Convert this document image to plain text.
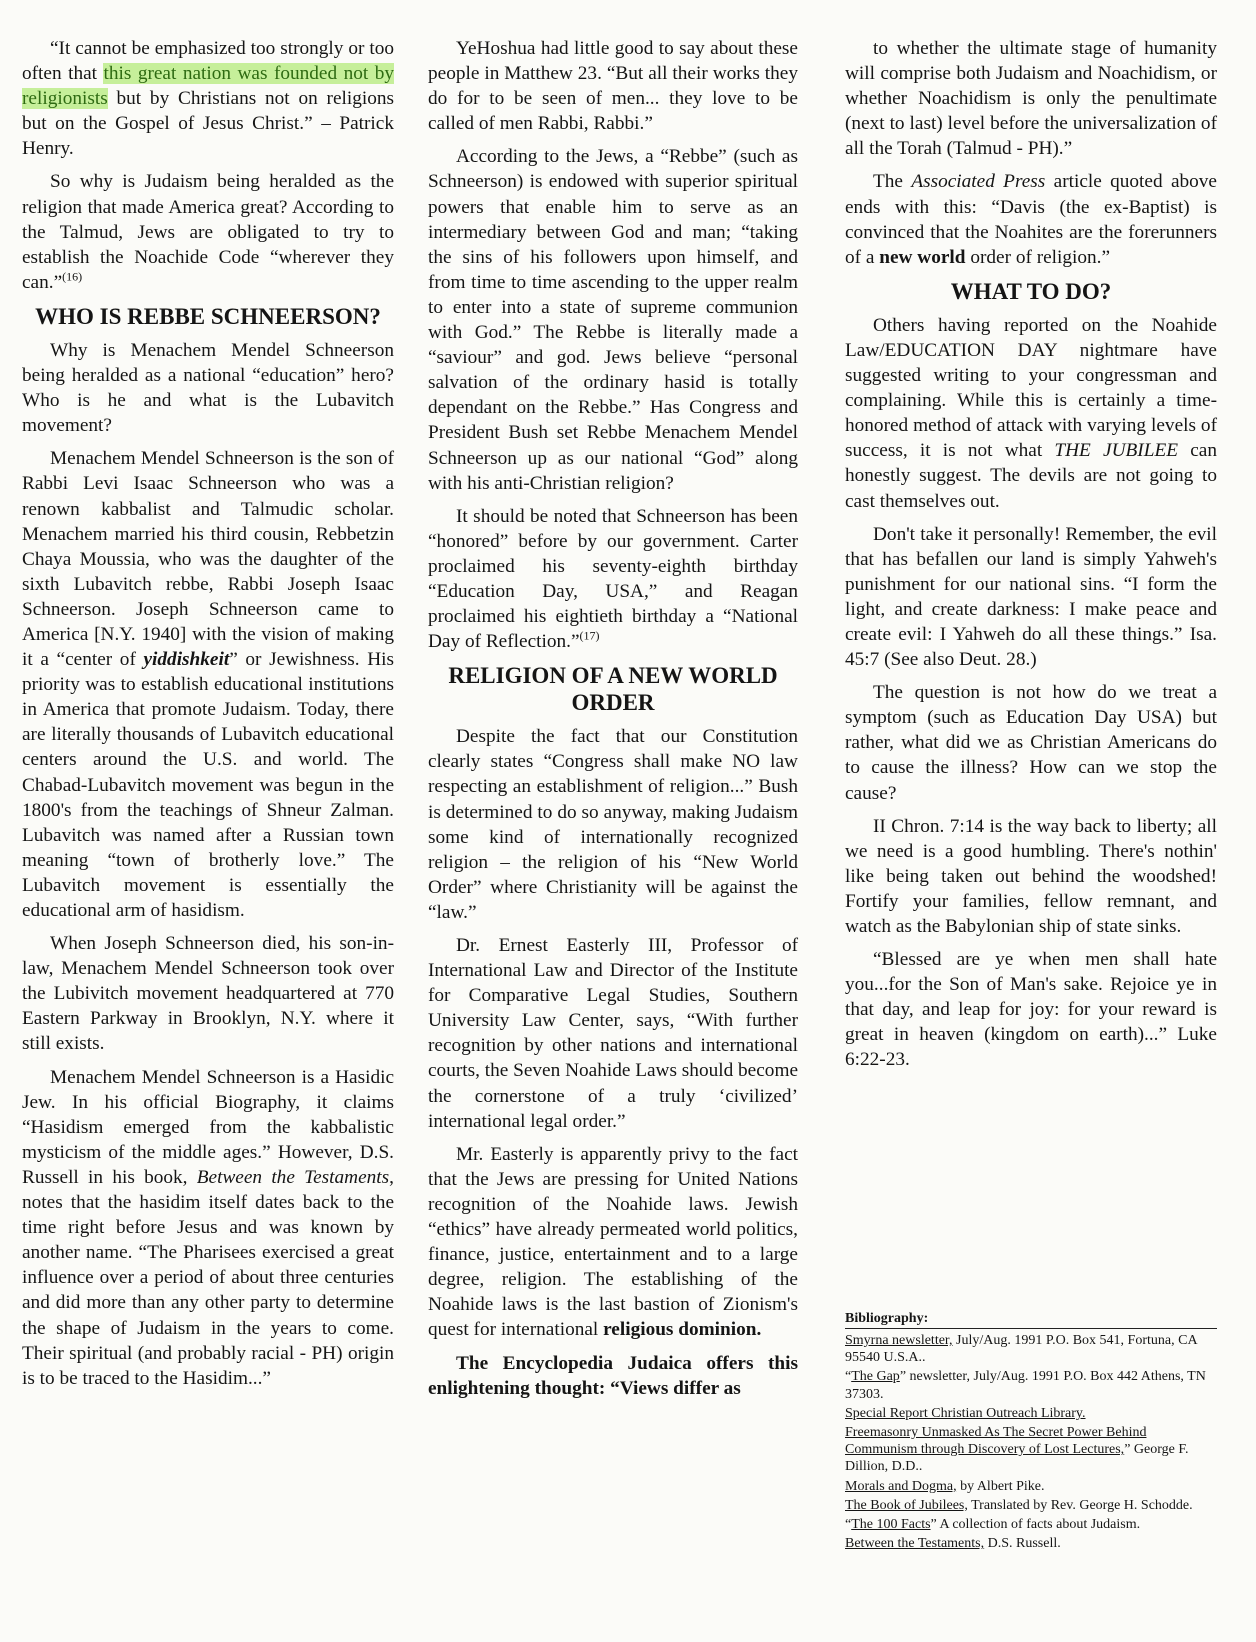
“It cannot be emphasized too strongly or too often that this great nation was founded not by religionists but by Christians not on religions but on the Gospel of Jesus Christ.” – Patrick Henry.

So why is Judaism being heralded as the religion that made America great? According to the Talmud, Jews are obligated to try to establish the Noachide Code “wherever they can.”$^{(16)}$

WHO IS REBBE SCHNEERSON?

Why is Menachem Mendel Schneerson being heralded as a national “education” hero? Who is he and what is the Lubavitch movement?

Menachem Mendel Schneerson is the son of Rabbi Levi Isaac Schneerson who was a renown kabbalist and Talmudic scholar. Menachem married his third cousin, Rebbetzin Chaya Moussia, who was the daughter of the sixth Lubavitch rebbe, Rabbi Joseph Isaac Schneerson. Joseph Schneerson came to America [N.Y. 1940] with the vision of making it a “center of yiddishkeit” or Jewishness. His priority was to establish educational institutions in America that promote Judaism. Today, there are literally thousands of Lubavitch educational centers around the U.S. and world. The Chabad-Lubavitch movement was begun in the 1800's from the teachings of Shneur Zalman. Lubavitch was named after a Russian town meaning “town of brotherly love.” The Lubavitch movement is essentially the educational arm of hasidism.

When Joseph Schneerson died, his son-in-law, Menachem Mendel Schneerson took over the Lubivitch movement headquartered at 770 Eastern Parkway in Brooklyn, N.Y. where it still exists.

Menachem Mendel Schneerson is a Hasidic Jew. In his official Biography, it claims “Hasidism emerged from the kabbalistic mysticism of the middle ages.” However, D.S. Russell in his book, Between the Testaments, notes that the hasidim itself dates back to the time right before Jesus and was known by another name. “The Pharisees exercised a great influence over a period of about three centuries and did more than any other party to determine the shape of Judaism in the years to come. Their spiritual (and probably racial - PH) origin is to be traced to the Hasidim...”

YeHoshua had little good to say about these people in Matthew 23. “But all their works they do for to be seen of men... they love to be called of men Rabbi, Rabbi.”

According to the Jews, a “Rebbe” (such as Schneerson) is endowed with superior spiritual powers that enable him to serve as an intermediary between God and man; “taking the sins of his followers upon himself, and from time to time ascending to the upper realm to enter into a state of supreme communion with God.” The Rebbe is literally made a “saviour” and god. Jews believe “personal salvation of the ordinary hasid is totally dependant on the Rebbe.” Has Congress and President Bush set Rebbe Menachem Mendel Schneerson up as our national “God” along with his anti-Christian religion?

It should be noted that Schneerson has been “honored” before by our government. Carter proclaimed his seventy-eighth birthday “Education Day, USA,” and Reagan proclaimed his eightieth birthday a “National Day of Reflection.”$^{(17)}$

RELIGION OF A NEW WORLD ORDER

Despite the fact that our Constitution clearly states “Congress shall make NO law respecting an establishment of religion...” Bush is determined to do so anyway, making Judaism some kind of internationally recognized religion – the religion of his “New World Order” where Christianity will be against the “law.”

Dr. Ernest Easterly III, Professor of International Law and Director of the Institute for Comparative Legal Studies, Southern University Law Center, says, “With further recognition by other nations and international courts, the Seven Noahide Laws should become the cornerstone of a truly ‘civilized’ international legal order.”

Mr. Easterly is apparently privy to the fact that the Jews are pressing for United Nations recognition of the Noahide laws. Jewish “ethics” have already permeated world politics, finance, justice, entertainment and to a large degree, religion. The establishing of the Noahide laws is the last bastion of Zionism's quest for international religious dominion.

The Encyclopedia Judaica offers this enlightening thought: “Views differ as

to whether the ultimate stage of humanity will comprise both Judaism and Noachidism, or whether Noachidism is only the penultimate (next to last) level before the universalization of all the Torah (Talmud - PH).”

The Associated Press article quoted above ends with this: “Davis (the ex-Baptist) is convinced that the Noahites are the forerunners of a new world order of religion.”

WHAT TO DO?

Others having reported on the Noahide Law/EDUCATION DAY nightmare have suggested writing to your congressman and complaining. While this is certainly a time-honored method of attack with varying levels of success, it is not what THE JUBILEE can honestly suggest. The devils are not going to cast themselves out.

Don't take it personally! Remember, the evil that has befallen our land is simply Yahweh's punishment for our national sins. “I form the light, and create darkness: I make peace and create evil: I Yahweh do all these things.” Isa. 45:7 (See also Deut. 28.)

The question is not how do we treat a symptom (such as Education Day USA) but rather, what did we as Christian Americans do to cause the illness? How can we stop the cause?

II Chron. 7:14 is the way back to liberty; all we need is a good humbling. There's nothin' like being taken out behind the woodshed! Fortify your families, fellow remnant, and watch as the Babylonian ship of state sinks.

“Blessed are ye when men shall hate you...for the Son of Man's sake. Rejoice ye in that day, and leap for joy: for your reward is great in heaven (kingdom on earth)...” Luke 6:22-23.

Bibliography:

Smyrna newsletter, July/Aug. 1991 P.O. Box 541, Fortuna, CA 95540 U.S.A..

“The Gap” newsletter, July/Aug. 1991 P.O. Box 442 Athens, TN 37303.

Special Report Christian Outreach Library.

Freemasonry Unmasked As The Secret Power Behind Communism through Discovery of Lost Lectures,” George F. Dillion, D.D..

Morals and Dogma, by Albert Pike.

The Book of Jubilees, Translated by Rev. George H. Schodde.

“The 100 Facts” A collection of facts about Judaism.

Between the Testaments, D.S. Russell.
